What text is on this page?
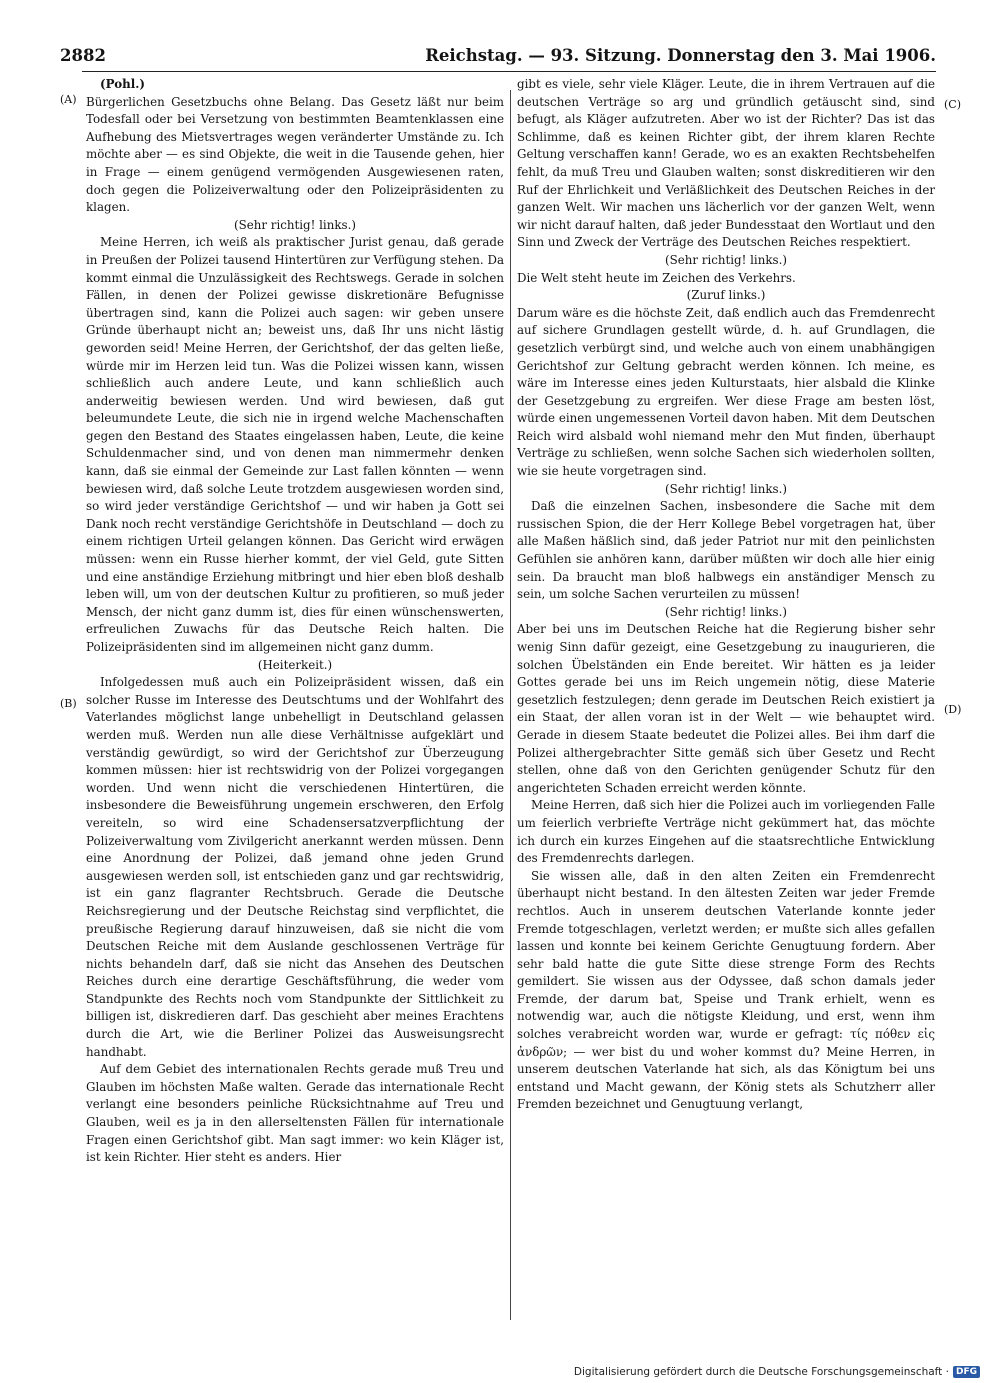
2882	Reichstag. — 93. Sitzung. Donnerstag den 3. Mai 1906.
(A)
(B)
(C)
(D)

(Pohl.)

Bürgerlichen Gesetzbuchs ohne Belang. Das Gesetz läßt nur beim Todesfall oder bei Versetzung von bestimmten Beamtenklassen eine Aufhebung des Mietsvertrages wegen veränderter Umstände zu. Ich möchte aber — es sind Objekte, die weit in die Tausende gehen, hier in Frage — einem genügend vermögenden Ausgewiesenen raten, doch gegen die Polizeiverwaltung oder den Polizeipräsidenten zu klagen.

(Sehr richtig! links.)

Meine Herren, ich weiß als praktischer Jurist genau, daß gerade in Preußen der Polizei tausend Hintertüren zur Verfügung stehen. Da kommt einmal die Unzulässigkeit des Rechtswegs. Gerade in solchen Fällen, in denen der Polizei gewisse diskretionäre Befugnisse übertragen sind, kann die Polizei auch sagen: wir geben unsere Gründe überhaupt nicht an; beweist uns, daß Ihr uns nicht lästig geworden seid! Meine Herren, der Gerichtshof, der das gelten ließe, würde mir im Herzen leid tun. Was die Polizei wissen kann, wissen schließlich auch andere Leute, und kann schließlich auch anderweitig bewiesen werden. Und wird bewiesen, daß gut beleumundete Leute, die sich nie in irgend welche Machenschaften gegen den Bestand des Staates eingelassen haben, Leute, die keine Schuldenmacher sind, und von denen man nimmermehr denken kann, daß sie einmal der Gemeinde zur Last fallen könnten — wenn bewiesen wird, daß solche Leute trotzdem ausgewiesen worden sind, so wird jeder verständige Gerichtshof — und wir haben ja Gott sei Dank noch recht verständige Gerichtshöfe in Deutschland — doch zu einem richtigen Urteil gelangen können. Das Gericht wird erwägen müssen: wenn ein Russe hierher kommt, der viel Geld, gute Sitten und eine anständige Erziehung mitbringt und hier eben bloß deshalb leben will, um von der deutschen Kultur zu profitieren, so muß jeder Mensch, der nicht ganz dumm ist, dies für einen wünschenswerten, erfreulichen Zuwachs für das Deutsche Reich halten. Die Polizeipräsidenten sind im allgemeinen nicht ganz dumm.

(Heiterkeit.)

Infolgedessen muß auch ein Polizeipräsident wissen, daß ein solcher Russe im Interesse des Deutschtums und der Wohlfahrt des Vaterlandes möglichst lange unbehelligt in Deutschland gelassen werden muß. Werden nun alle diese Verhältnisse aufgeklärt und verständig gewürdigt, so wird der Gerichtshof zur Überzeugung kommen müssen: hier ist rechtswidrig von der Polizei vorgegangen worden. Und wenn nicht die verschiedenen Hintertüren, die insbesondere die Beweisführung ungemein erschweren, den Erfolg vereiteln, so wird eine Schadensersatzverpflichtung der Polizeiverwaltung vom Zivilgericht anerkannt werden müssen. Denn eine Anordnung der Polizei, daß jemand ohne jeden Grund ausgewiesen werden soll, ist entschieden ganz und gar rechtswidrig, ist ein ganz flagranter Rechtsbruch. Gerade die Deutsche Reichsregierung und der Deutsche Reichstag sind verpflichtet, die preußische Regierung darauf hinzuweisen, daß sie nicht die vom Deutschen Reiche mit dem Auslande geschlossenen Verträge für nichts behandeln darf, daß sie nicht das Ansehen des Deutschen Reiches durch eine derartige Geschäftsführung, die weder vom Standpunkte des Rechts noch vom Standpunkte der Sittlichkeit zu billigen ist, diskredieren darf. Das geschieht aber meines Erachtens durch die Art, wie die Berliner Polizei das Ausweisungsrecht handhabt.

Auf dem Gebiet des internationalen Rechts gerade muß Treu und Glauben im höchsten Maße walten. Gerade das internationale Recht verlangt eine besonders peinliche Rücksichtnahme auf Treu und Glauben, weil es ja in den allerseltensten Fällen für internationale Fragen einen Gerichtshof gibt. Man sagt immer: wo kein Kläger ist, ist kein Richter. Hier steht es anders. Hier

gibt es viele, sehr viele Kläger. Leute, die in ihrem Vertrauen auf die deutschen Verträge so arg und gründlich getäuscht sind, sind befugt, als Kläger aufzutreten. Aber wo ist der Richter? Das ist das Schlimme, daß es keinen Richter gibt, der ihrem klaren Rechte Geltung verschaffen kann! Gerade, wo es an exakten Rechtsbehelfen fehlt, da muß Treu und Glauben walten; sonst diskreditieren wir den Ruf der Ehrlichkeit und Verläßlichkeit des Deutschen Reiches in der ganzen Welt. Wir machen uns lächerlich vor der ganzen Welt, wenn wir nicht darauf halten, daß jeder Bundesstaat den Wortlaut und den Sinn und Zweck der Verträge des Deutschen Reiches respektiert.

(Sehr richtig! links.)

Die Welt steht heute im Zeichen des Verkehrs.

(Zuruf links.)

Darum wäre es die höchste Zeit, daß endlich auch das Fremdenrecht auf sichere Grundlagen gestellt würde, d. h. auf Grundlagen, die gesetzlich verbürgt sind, und welche auch von einem unabhängigen Gerichtshof zur Geltung gebracht werden können. Ich meine, es wäre im Interesse eines jeden Kulturstaats, hier alsbald die Klinke der Gesetzgebung zu ergreifen. Wer diese Frage am besten löst, würde einen ungemessenen Vorteil davon haben. Mit dem Deutschen Reich wird alsbald wohl niemand mehr den Mut finden, überhaupt Verträge zu schließen, wenn solche Sachen sich wiederholen sollten, wie sie heute vorgetragen sind.

(Sehr richtig! links.)

Daß die einzelnen Sachen, insbesondere die Sache mit dem russischen Spion, die der Herr Kollege Bebel vorgetragen hat, über alle Maßen häßlich sind, daß jeder Patriot nur mit den peinlichsten Gefühlen sie anhören kann, darüber müßten wir doch alle hier einig sein. Da braucht man bloß halbwegs ein anständiger Mensch zu sein, um solche Sachen verurteilen zu müssen!

(Sehr richtig! links.)

Aber bei uns im Deutschen Reiche hat die Regierung bisher sehr wenig Sinn dafür gezeigt, eine Gesetzgebung zu inaugurieren, die solchen Übelständen ein Ende bereitet. Wir hätten es ja leider Gottes gerade bei uns im Reich ungemein nötig, diese Materie gesetzlich festzulegen; denn gerade im Deutschen Reich existiert ja ein Staat, der allen voran ist in der Welt — wie behauptet wird. Gerade in diesem Staate bedeutet die Polizei alles. Bei ihm darf die Polizei althergebrachter Sitte gemäß sich über Gesetz und Recht stellen, ohne daß von den Gerichten genügender Schutz für den angerichteten Schaden erreicht werden könnte.

Meine Herren, daß sich hier die Polizei auch im vorliegenden Falle um feierlich verbriefte Verträge nicht gekümmert hat, das möchte ich durch ein kurzes Eingehen auf die staatsrechtliche Entwicklung des Fremdenrechts darlegen.

Sie wissen alle, daß in den alten Zeiten ein Fremdenrecht überhaupt nicht bestand. In den ältesten Zeiten war jeder Fremde rechtlos. Auch in unserem deutschen Vaterlande konnte jeder Fremde totgeschlagen, verletzt werden; er mußte sich alles gefallen lassen und konnte bei keinem Gerichte Genugtuung fordern. Aber sehr bald hatte die gute Sitte diese strenge Form des Rechts gemildert. Sie wissen aus der Odyssee, daß schon damals jeder Fremde, der darum bat, Speise und Trank erhielt, wenn es notwendig war, auch die nötigste Kleidung, und erst, wenn ihm solches verabreicht worden war, wurde er gefragt: τίς πόθεν εἰς ἀνδρῶν; — wer bist du und woher kommst du? Meine Herren, in unserem deutschen Vaterlande hat sich, als das Königtum bei uns entstand und Macht gewann, der König stets als Schutzherr aller Fremden bezeichnet und Genugtuung verlangt,

Digitalisierung gefördert durch die Deutsche Forschungsgemeinschaft · DFG
